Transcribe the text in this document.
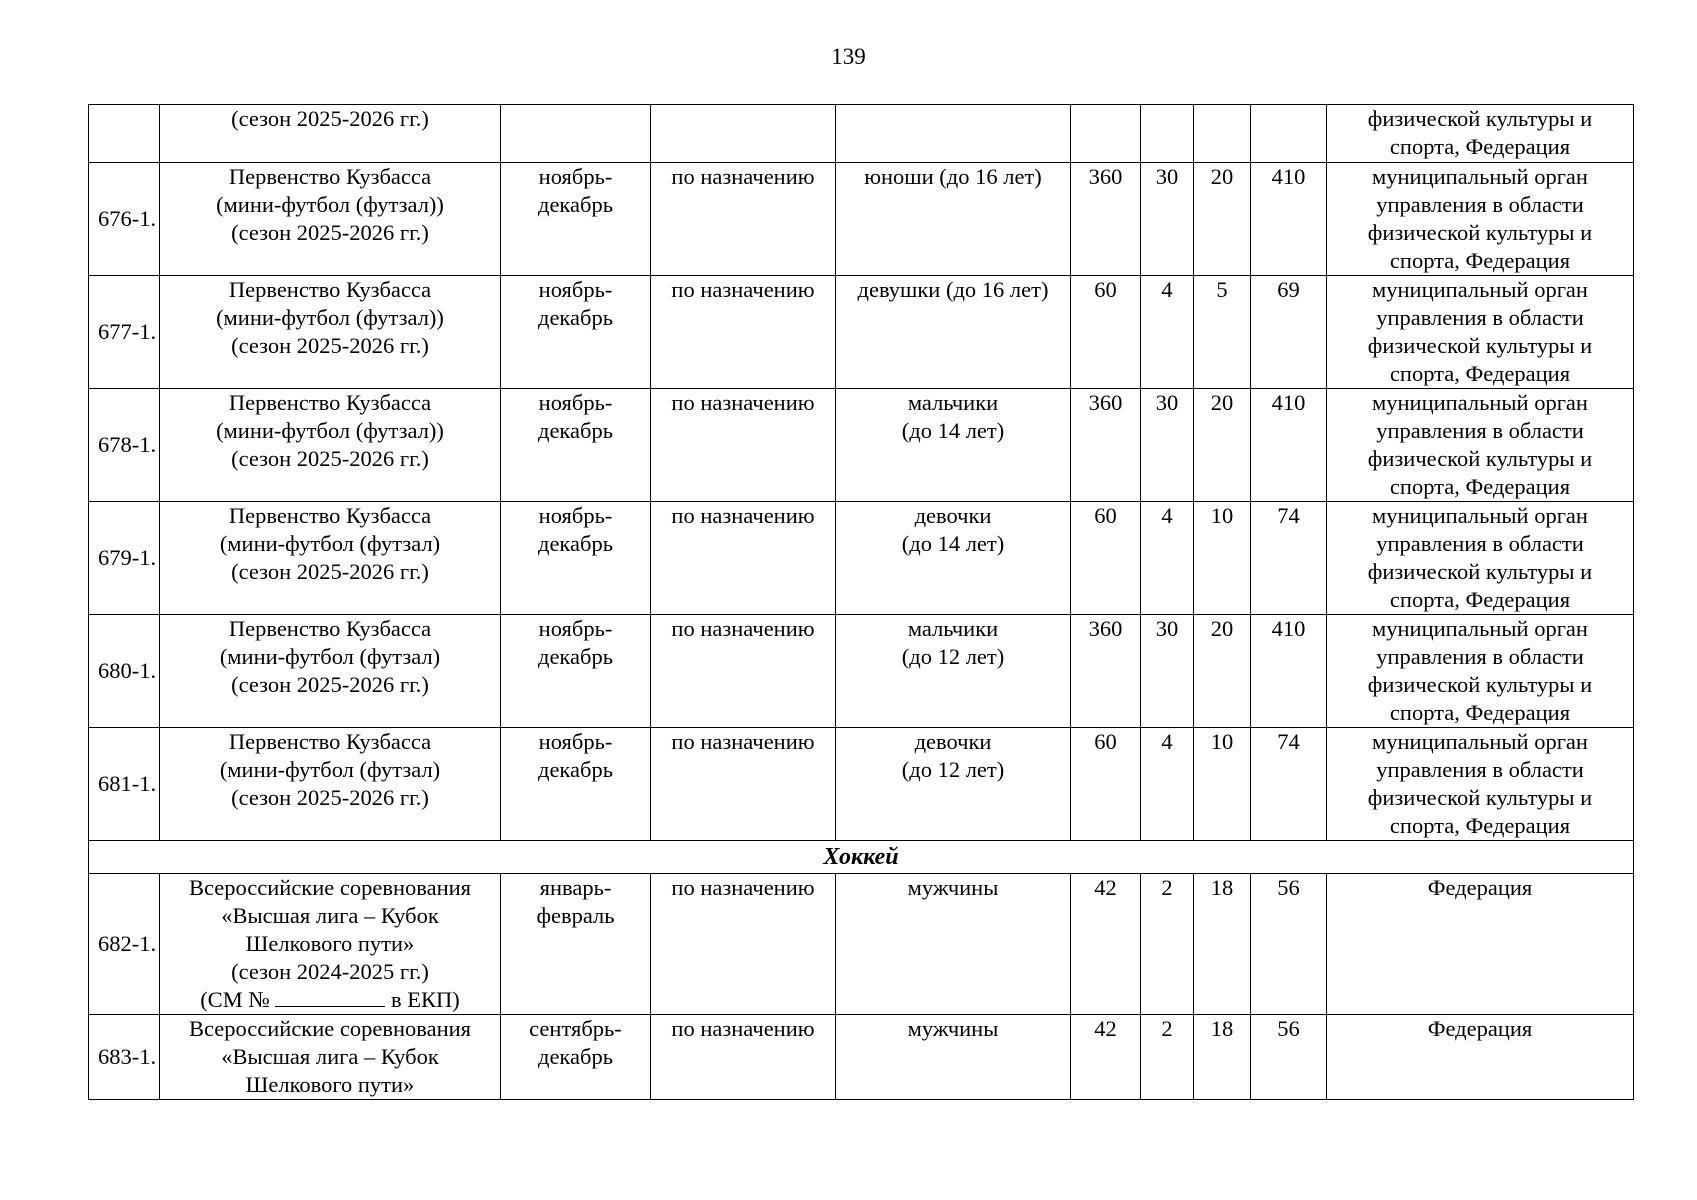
139

	(сезон 2025-2026 гг.)								физической культуры и
спорта, Федерация

676-1.	Первенство Кузбасса
(мини-футбол (футзал))
(сезон 2025-2026 гг.)	ноябрь-
декабрь	по назначению	юноши (до 16 лет)	360	30	20	410	муниципальный орган
управления в области
физической культуры и
спорта, Федерация

677-1.	Первенство Кузбасса
(мини-футбол (футзал))
(сезон 2025-2026 гг.)	ноябрь-
декабрь	по назначению	девушки (до 16 лет)	60	4	5	69	муниципальный орган
управления в области
физической культуры и
спорта, Федерация

678-1.	Первенство Кузбасса
(мини-футбол (футзал))
(сезон 2025-2026 гг.)	ноябрь-
декабрь	по назначению	мальчики
(до 14 лет)	360	30	20	410	муниципальный орган
управления в области
физической культуры и
спорта, Федерация

679-1.	Первенство Кузбасса
(мини-футбол (футзал)
(сезон 2025-2026 гг.)	ноябрь-
декабрь	по назначению	девочки
(до 14 лет)	60	4	10	74	муниципальный орган
управления в области
физической культуры и
спорта, Федерация

680-1.	Первенство Кузбасса
(мини-футбол (футзал)
(сезон 2025-2026 гг.)	ноябрь-
декабрь	по назначению	мальчики
(до 12 лет)	360	30	20	410	муниципальный орган
управления в области
физической культуры и
спорта, Федерация

681-1.	Первенство Кузбасса
(мини-футбол (футзал)
(сезон 2025-2026 гг.)	ноябрь-
декабрь	по назначению	девочки
(до 12 лет)	60	4	10	74	муниципальный орган
управления в области
физической культуры и
спорта, Федерация

Хоккей									
682-1.	Всероссийские соревнования
«Высшая лига – Кубок
Шелкового пути»
(сезон 2024-2025 гг.)
(СМ № в ЕКП)	январь-
февраль	по назначению	мужчины	42	2	18	56	Федерация

683-1.	Всероссийские соревнования
«Высшая лига – Кубок
Шелкового пути»	сентябрь-
декабрь	по назначению	мужчины	42	2	18	56	Федерация
